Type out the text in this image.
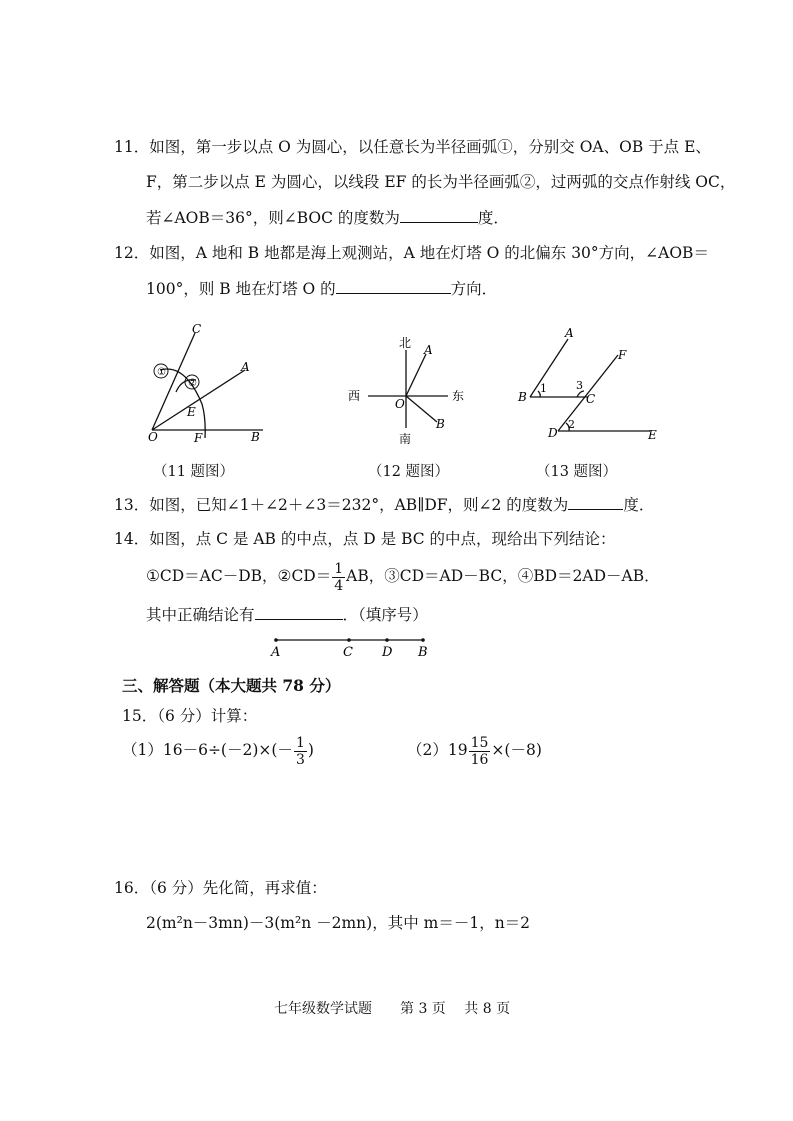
11．如图，第一步以点 O 为圆心，以任意长为半径画弧①，分别交 OA、OB 于点 E、
F，第二步以点 E 为圆心，以线段 EF 的长为半径画弧②，过两弧的交点作射线 OC，
若∠AOB＝36°，则∠BOC 的度数为	度．
12．如图，A 地和 B 地都是海上观测站，A 地在灯塔 O 的北偏东 30°方向，∠AOB＝
100°，则 B 地在灯塔 O 的	方向．
①
②
C
A
E
O	F	B
北
南
西	东
A
B
O
A
F
B	C
D	E
1
2
3
（11 题图）	（12 题图）	（13 题图）
13．如图，已知∠1＋∠2＋∠3＝232°，AB∥DF，则∠2 的度数为	度．
14．如图，点 C 是 AB 的中点，点 D 是 BC 的中点，现给出下列结论：
①CD＝AC－DB，②CD＝ $\frac{1}{4}$ AB，③CD＝AD－BC，④BD＝2AD－AB．
其中正确结论有	．（填序号）
A	C D B
三、解答题（本大题共 78 分）
15．（6 分）计算：
$(1)16-6\div(-2)\times(- \frac{1}{3}$ )	$(2)19 \frac{15}{16} \times(-8)$
16．（6 分）先化简，再求值：
2(m²n－3mn)－3(m²n －2mn)，其中 m＝－1，n＝2
七年级数学试题　　第 3 页　 共 8 页
